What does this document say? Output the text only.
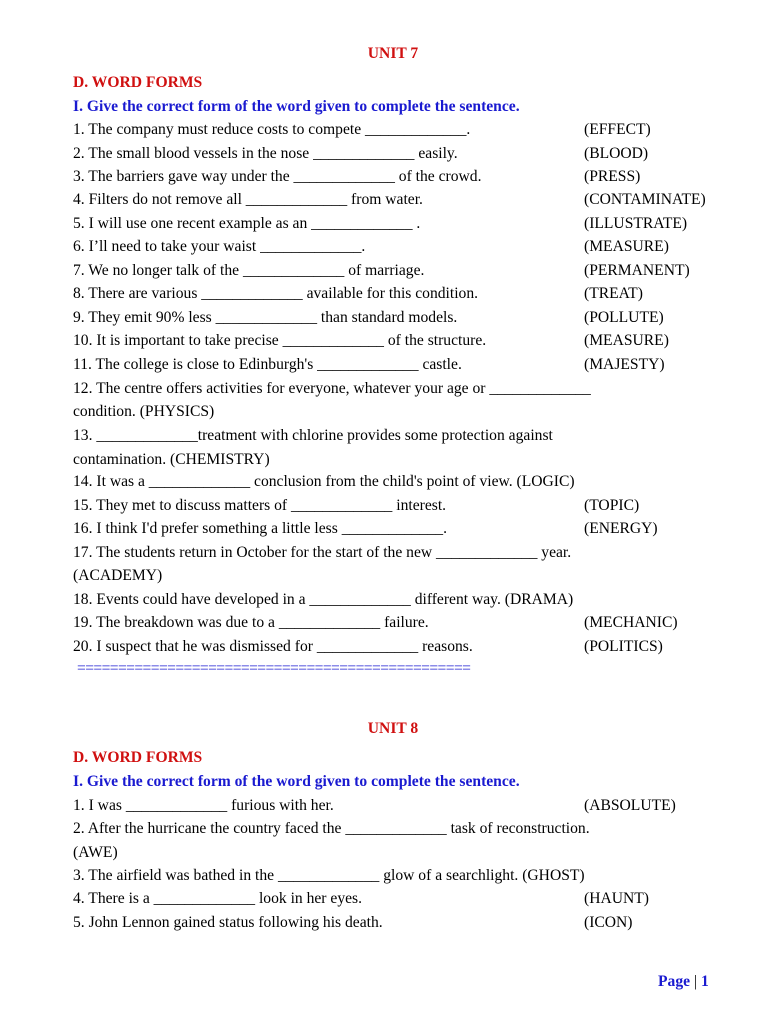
UNIT 7
D. WORD FORMS
I. Give the correct form of the word given to complete the sentence.
1. The company must reduce costs to compete _____________.	(EFFECT)
2. The small blood vessels in the nose _____________ easily.	(BLOOD)
3. The barriers gave way under the _____________ of the crowd.	(PRESS)
4. Filters do not remove all _____________ from water.	(CONTAMINATE)
5. I will use one recent example as an _____________ .	(ILLUSTRATE)
6. I’ll need to take your waist _____________.	(MEASURE)
7. We no longer talk of the _____________ of marriage.	(PERMANENT)
8. There are various _____________ available for this condition.	(TREAT)
9. They emit 90% less _____________ than standard models.	(POLLUTE)
10. It is important to take precise _____________ of the structure.	(MEASURE)
11. The college is close to Edinburgh's _____________ castle.	(MAJESTY)
12. The centre offers activities for everyone, whatever your age or _____________
condition. (PHYSICS)
13. _____________treatment with chlorine provides some protection against
contamination. (CHEMISTRY)
14. It was a _____________ conclusion from the child's point of view. (LOGIC)
15. They met to discuss matters of _____________ interest.	(TOPIC)
16. I think I'd prefer something a little less _____________.	(ENERGY)
17. The students return in October for the start of the new _____________ year.
(ACADEMY)
18. Events could have developed in a _____________ different way. (DRAMA)
19. The breakdown was due to a _____________ failure.	(MECHANIC)
20. I suspect that he was dismissed for _____________ reasons.	(POLITICS)
================================================
UNIT 8
D. WORD FORMS
I. Give the correct form of the word given to complete the sentence.
1. I was _____________ furious with her.	(ABSOLUTE)
2. After the hurricane the country faced the _____________ task of reconstruction.
(AWE)
3. The airfield was bathed in the _____________ glow of a searchlight. (GHOST)
4. There is a _____________ look in her eyes.	(HAUNT)
5. John Lennon gained status following his death.	(ICON)
Page | 1
